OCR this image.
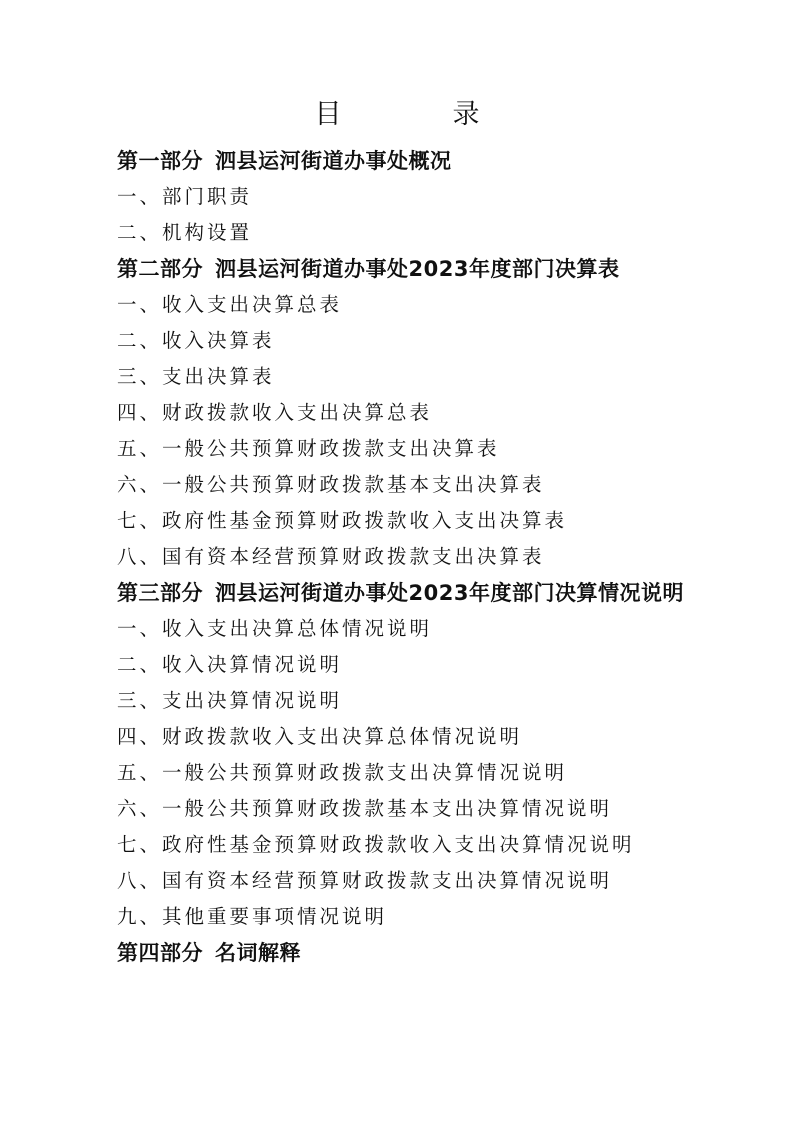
目　录
第一部分 泗县运河街道办事处概况
一、部门职责
二、机构设置
第二部分 泗县运河街道办事处2023年度部门决算表
一、收入支出决算总表
二、收入决算表
三、支出决算表
四、财政拨款收入支出决算总表
五、一般公共预算财政拨款支出决算表
六、一般公共预算财政拨款基本支出决算表
七、政府性基金预算财政拨款收入支出决算表
八、国有资本经营预算财政拨款支出决算表
第三部分 泗县运河街道办事处2023年度部门决算情况说明
一、收入支出决算总体情况说明
二、收入决算情况说明
三、支出决算情况说明
四、财政拨款收入支出决算总体情况说明
五、一般公共预算财政拨款支出决算情况说明
六、一般公共预算财政拨款基本支出决算情况说明
七、政府性基金预算财政拨款收入支出决算情况说明
八、国有资本经营预算财政拨款支出决算情况说明
九、其他重要事项情况说明
第四部分 名词解释
